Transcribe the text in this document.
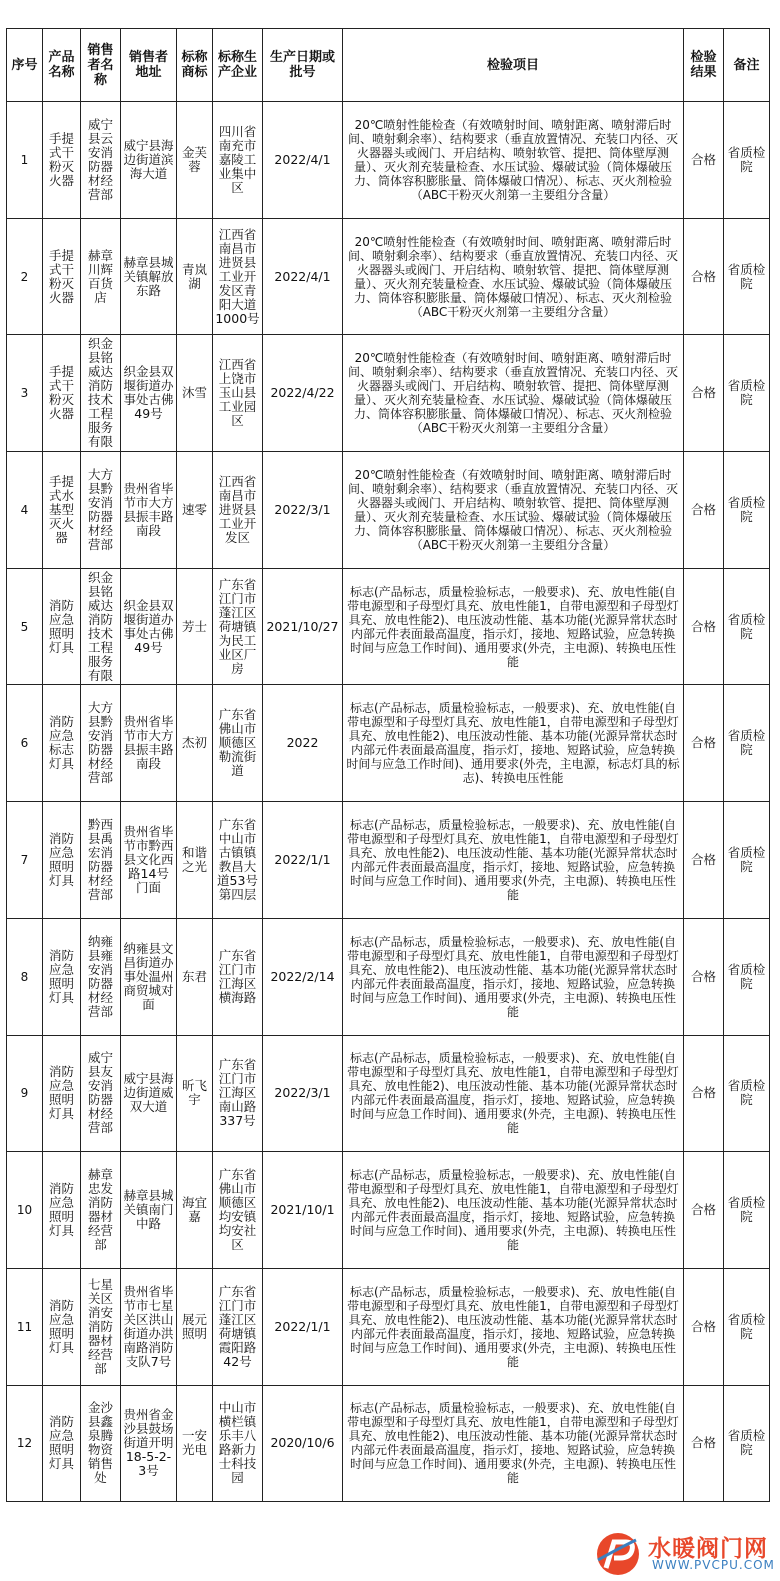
序号	产品名称	销售者名称	销售者地址	标称商标	标称生产企业	生产日期或批号	检验项目	检验结果	备注
1	手提式干粉灭火器	威宁县云安消防器材经营部	威宁县海边街道滨海大道	金芙蓉	四川省南充市嘉陵工业集中区	2022/4/1	20℃喷射性能检查（有效喷射时间、喷射距离、喷射滞后时间、喷射剩余率）、结构要求（垂直放置情况、充装口内径、灭火器器头或阀门、开启结构、喷射软管、提把、筒体壁厚测量）、灭火剂充装量检查、水压试验、爆破试验（筒体爆破压力、筒体容积膨胀量、筒体爆破口情况）、标志、灭火剂检验（ABC干粉灭火剂第一主要组分含量）	合格	省质检院
2	手提式干粉灭火器	赫章川辉百货店	赫章县城关镇解放东路	青岚湖	江西省南昌市进贤县工业开发区青阳大道1000号	2022/4/1	20℃喷射性能检查（有效喷射时间、喷射距离、喷射滞后时间、喷射剩余率）、结构要求（垂直放置情况、充装口内径、灭火器器头或阀门、开启结构、喷射软管、提把、筒体壁厚测量）、灭火剂充装量检查、水压试验、爆破试验（筒体爆破压力、筒体容积膨胀量、筒体爆破口情况）、标志、灭火剂检验（ABC干粉灭火剂第一主要组分含量）	合格	省质检院
3	手提式干粉灭火器	织金县铭威达消防技术工程服务有限	织金县双堰街道办事处古佛49号	沐雪	江西省上饶市玉山县工业园区	2022/4/22	20℃喷射性能检查（有效喷射时间、喷射距离、喷射滞后时间、喷射剩余率）、结构要求（垂直放置情况、充装口内径、灭火器器头或阀门、开启结构、喷射软管、提把、筒体壁厚测量）、灭火剂充装量检查、水压试验、爆破试验（筒体爆破压力、筒体容积膨胀量、筒体爆破口情况）、标志、灭火剂检验（ABC干粉灭火剂第一主要组分含量）	合格	省质检院
4	手提式水基型灭火器	大方县黔安消防器材经营部	贵州省毕节市大方县振丰路南段	速零	江西省南昌市进贤县工业开发区	2022/3/1	20℃喷射性能检查（有效喷射时间、喷射距离、喷射滞后时间、喷射剩余率）、结构要求（垂直放置情况、充装口内径、灭火器器头或阀门、开启结构、喷射软管、提把、筒体壁厚测量）、灭火剂充装量检查、水压试验、爆破试验（筒体爆破压力、筒体容积膨胀量、筒体爆破口情况）、标志、灭火剂检验（ABC干粉灭火剂第一主要组分含量）	合格	省质检院
5	消防应急照明灯具	织金县铭威达消防技术工程服务有限	织金县双堰街道办事处古佛49号	芳士	广东省江门市蓬江区荷塘镇为民工业区厂房	2021/10/27	标志(产品标志，质量检验标志，一般要求)、充、放电性能(自带电源型和子母型灯具充、放电性能1，自带电源型和子母型灯具充、放电性能2)、电压波动性能、基本功能(光源异常状态时内部元件表面最高温度，指示灯，接地、短路试验，应急转换时间与应急工作时间)、通用要求(外壳，主电源)、转换电压性能	合格	省质检院
6	消防应急标志灯具	大方县黔安消防器材经营部	贵州省毕节市大方县振丰路南段	杰初	广东省佛山市顺德区勒流街道	2022	标志(产品标志，质量检验标志，一般要求)、充、放电性能(自带电源型和子母型灯具充、放电性能1，自带电源型和子母型灯具充、放电性能2)、电压波动性能、基本功能(光源异常状态时内部元件表面最高温度，指示灯，接地、短路试验，应急转换时间与应急工作时间)、通用要求(外壳，主电源，标志灯具的标志)、转换电压性能	合格	省质检院
7	消防应急照明灯具	黔西县禹宏消防器材经营部	贵州省毕节市黔西县文化西路14号门面	和谐之光	广东省中山市古镇镇教昌大道53号第四层	2022/1/1	标志(产品标志，质量检验标志，一般要求)、充、放电性能(自带电源型和子母型灯具充、放电性能1，自带电源型和子母型灯具充、放电性能2)、电压波动性能、基本功能(光源异常状态时内部元件表面最高温度，指示灯，接地、短路试验，应急转换时间与应急工作时间)、通用要求(外壳，主电源)、转换电压性能	合格	省质检院
8	消防应急照明灯具	纳雍县雍安消防器材经营部	纳雍县文昌街道办事处温州商贸城对面	东君	广东省江门市江海区横海路	2022/2/14	标志(产品标志，质量检验标志，一般要求)、充、放电性能(自带电源型和子母型灯具充、放电性能1，自带电源型和子母型灯具充、放电性能2)、电压波动性能、基本功能(光源异常状态时内部元件表面最高温度，指示灯，接地、短路试验，应急转换时间与应急工作时间)、通用要求(外壳，主电源)、转换电压性能	合格	省质检院
9	消防应急照明灯具	威宁县友安消防器材经营部	威宁县海边街道威双大道	昕飞宇	广东省江门市江海区南山路337号	2022/3/1	标志(产品标志，质量检验标志，一般要求)、充、放电性能(自带电源型和子母型灯具充、放电性能1，自带电源型和子母型灯具充、放电性能2)、电压波动性能、基本功能(光源异常状态时内部元件表面最高温度，指示灯，接地、短路试验，应急转换时间与应急工作时间)、通用要求(外壳，主电源)、转换电压性能	合格	省质检院
10	消防应急照明灯具	赫章忠发消防器材经营部	赫章县城关镇南门中路	海宜嘉	广东省佛山市顺德区均安镇均安社区	2021/10/1	标志(产品标志，质量检验标志，一般要求)、充、放电性能(自带电源型和子母型灯具充、放电性能1，自带电源型和子母型灯具充、放电性能2)、电压波动性能、基本功能(光源异常状态时内部元件表面最高温度，指示灯，接地、短路试验，应急转换时间与应急工作时间)、通用要求(外壳，主电源)、转换电压性能	合格	省质检院
11	消防应急照明灯具	七星关区消安消防器材经营部	贵州省毕节市七星关区洪山街道办洪南路消防支队7号	展元照明	广东省江门市蓬江区荷塘镇霞阳路42号	2022/1/1	标志(产品标志，质量检验标志，一般要求)、充、放电性能(自带电源型和子母型灯具充、放电性能1，自带电源型和子母型灯具充、放电性能2)、电压波动性能、基本功能(光源异常状态时内部元件表面最高温度，指示灯，接地、短路试验，应急转换时间与应急工作时间)、通用要求(外壳，主电源)、转换电压性能	合格	省质检院
12	消防应急照明灯具	金沙县鑫泉腾物资销售处	贵州省金沙县鼓场街道开明18-5-2-3号	一安光电	中山市横栏镇乐丰八路新力士科技园	2020/10/6	标志(产品标志，质量检验标志，一般要求)、充、放电性能(自带电源型和子母型灯具充、放电性能1，自带电源型和子母型灯具充、放电性能2)、电压波动性能、基本功能(光源异常状态时内部元件表面最高温度，指示灯，接地、短路试验，应急转换时间与应急工作时间)、通用要求(外壳，主电源)、转换电压性能	合格	省质检院
水暖阀门网
WWW.PVCPU.COM
